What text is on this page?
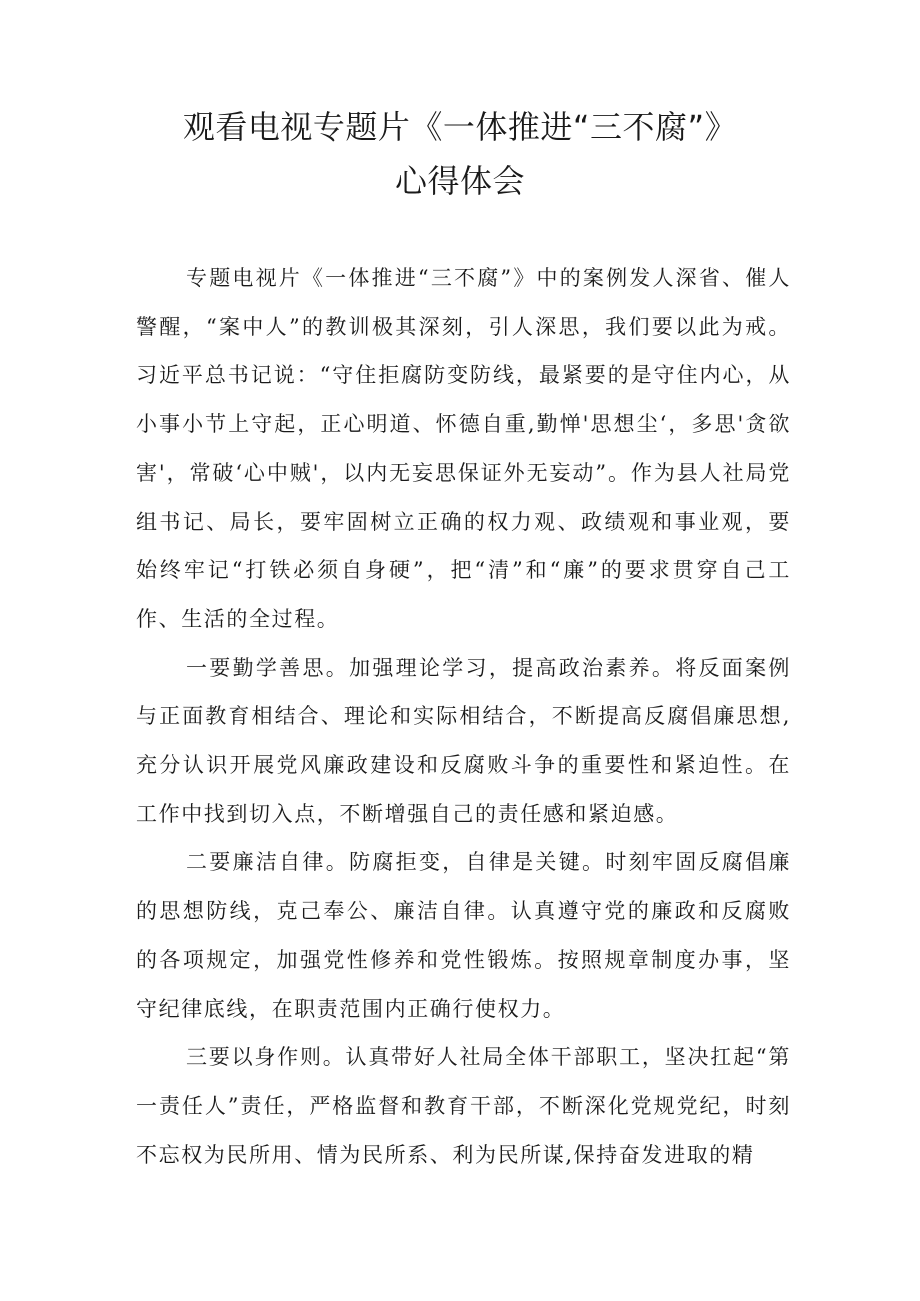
观看电视专题片《一体推进“三不腐”》
心得体会

专题电视片《一体推进“三不腐”》中的案例发人深省、催人警醒，“案中人”的教训极其深刻，引人深思，我们要以此为戒。习近平总书记说：“守住拒腐防变防线，最紧要的是守住内心，从小事小节上守起，正心明道、怀德自重,勤惮'思想尘‘，多思'贪欲害'，常破‘心中贼'，以内无妄思保证外无妄动”。作为县人社局党组书记、局长，要牢固树立正确的权力观、政绩观和事业观，要始终牢记“打铁必须自身硬”，把“清”和“廉”的要求贯穿自己工作、生活的全过程。

一要勤学善思。加强理论学习，提高政治素养。将反面案例与正面教育相结合、理论和实际相结合，不断提高反腐倡廉思想,充分认识开展党风廉政建设和反腐败斗争的重要性和紧迫性。在工作中找到切入点，不断增强自己的责任感和紧迫感。

二要廉洁自律。防腐拒变，自律是关键。时刻牢固反腐倡廉的思想防线，克己奉公、廉洁自律。认真遵守党的廉政和反腐败的各项规定，加强党性修养和党性锻炼。按照规章制度办事，坚守纪律底线，在职责范围内正确行使权力。

三要以身作则。认真带好人社局全体干部职工，坚决扛起“第一责任人”责任，严格监督和教育干部，不断深化党规党纪，时刻不忘权为民所用、情为民所系、利为民所谋,保持奋发进取的精
